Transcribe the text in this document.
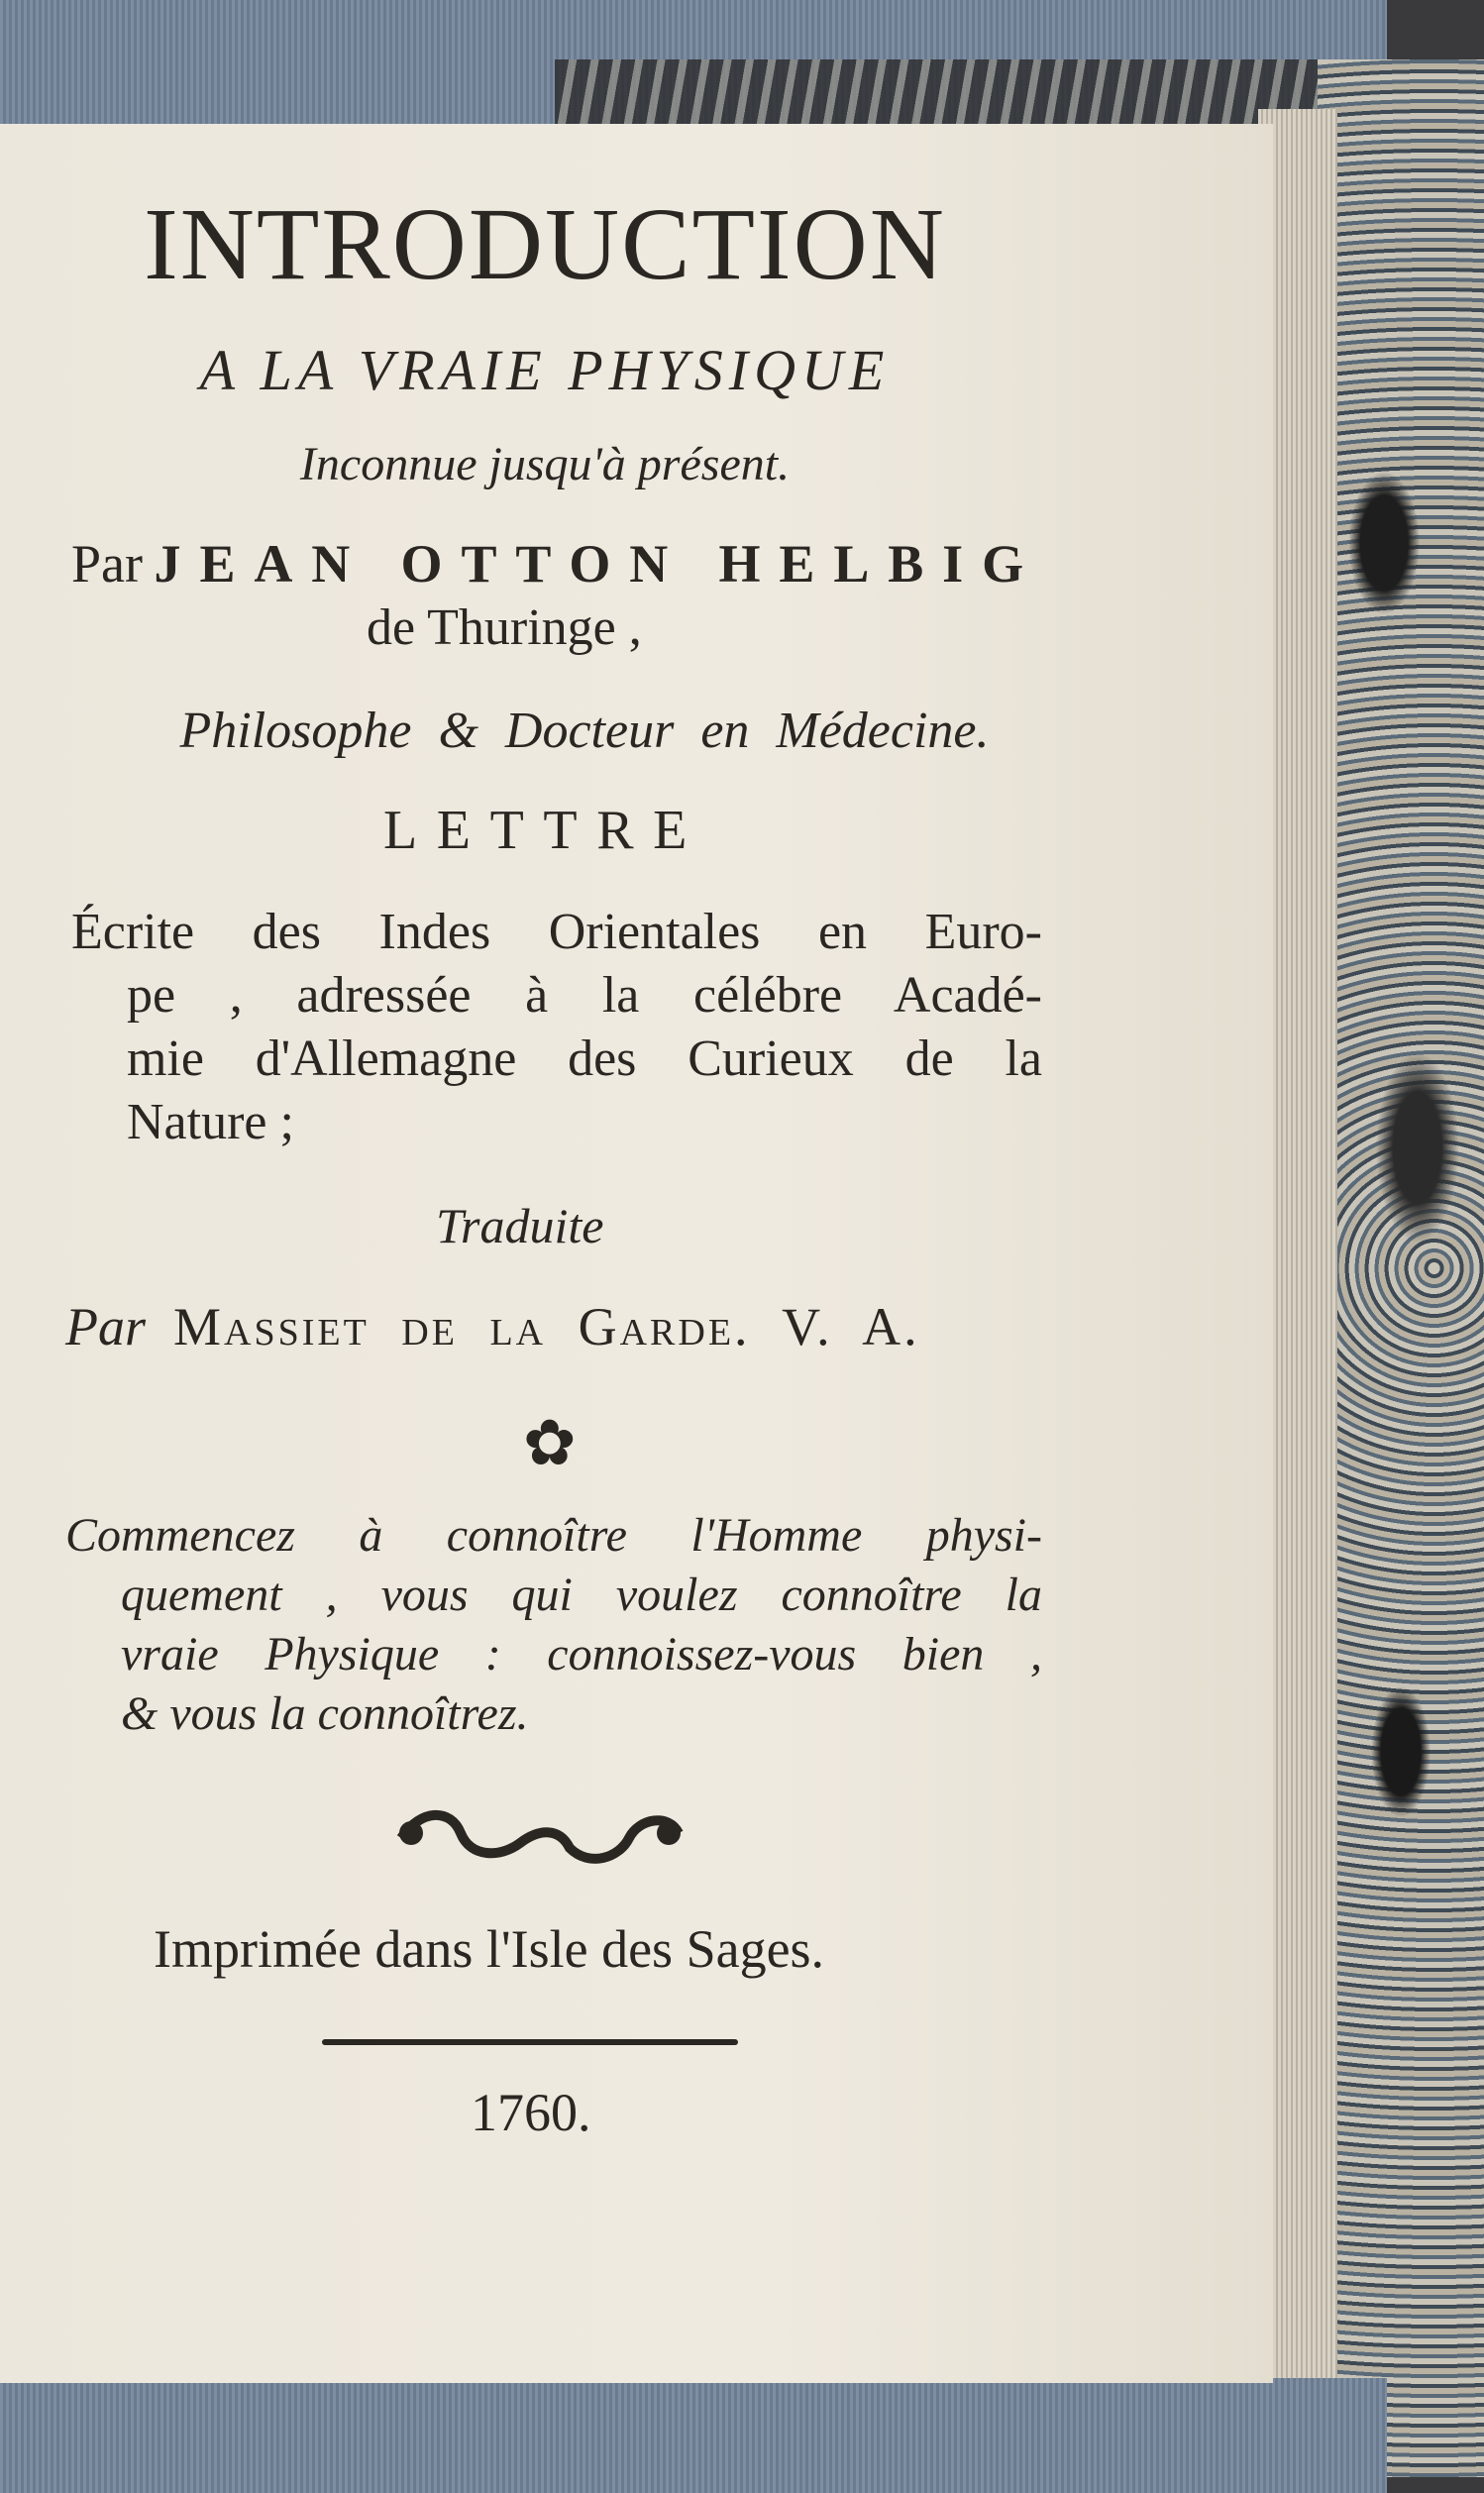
INTRODUCTION
A LA VRAIE PHYSIQUE
Inconnue jusqu'à présent.
Par JEAN OTTON HELBIG
de Thuringe ,
Philosophe & Docteur en Médecine.
LETTRE
Écrite des Indes Orientales en Euro-
pe , adressée à la célébre Acadé-
mie d'Allemagne des Curieux de la
Nature ;
Traduite
Par Massiet de la Garde. V. A.
✿
Commencez à connoître l'Homme physi-
quement , vous qui voulez connoître la
vraie Physique : connoissez-vous bien ,
& vous la connoîtrez.
Imprimée dans l'Isle des Sages.
1760.
